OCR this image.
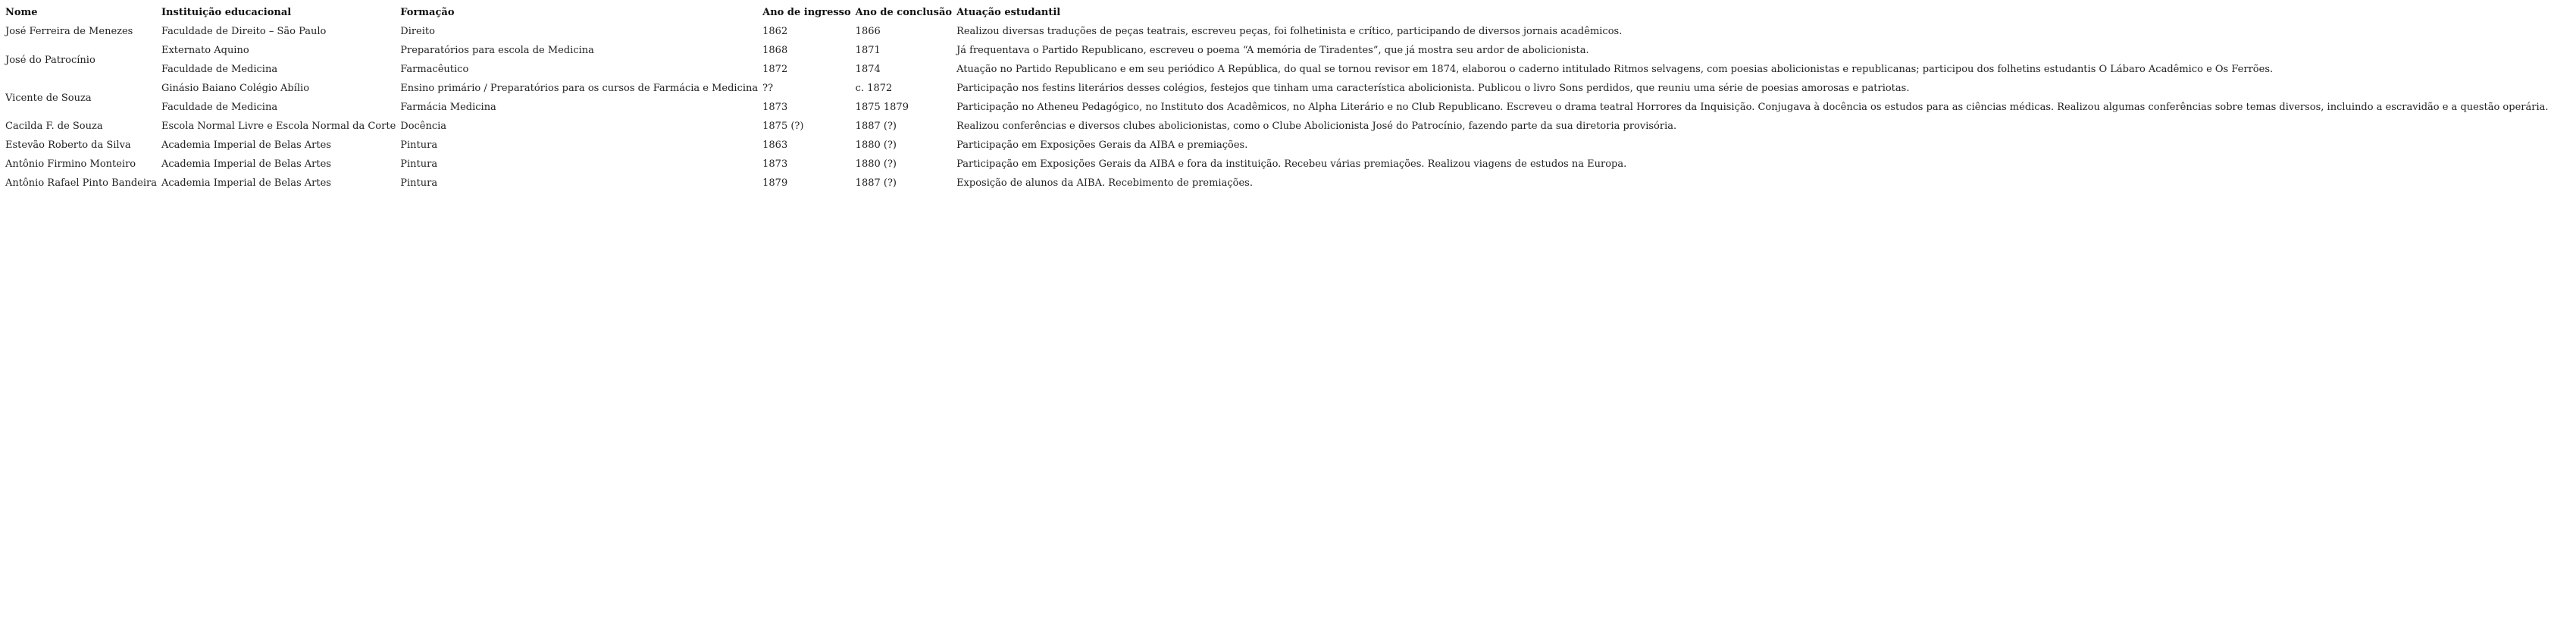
Nome	Instituição educacional	Formação	Ano de ingresso	Ano de conclusão	Atuação estudantil
José Ferreira de Menezes	Faculdade de Direito – São Paulo	Direito	1862	1866	Realizou diversas traduções de peças teatrais, escreveu peças, foi folhetinista e crítico, participando de diversos jornais acadêmicos.
José do Patrocínio	Externato Aquino	Preparatórios para escola de Medicina	1868	1871	Já frequentava o Partido Republicano, escreveu o poema “A memória de Tiradentes”, que já mostra seu ardor de abolicionista.
	Faculdade de Medicina	Farmacêutico	1872	1874	Atuação no Partido Republicano e em seu periódico A República, do qual se tornou revisor em 1874, elaborou o caderno intitulado Ritmos selvagens, com poesias abolicionistas e republicanas; participou dos folhetins estudantis O Lábaro Acadêmico e Os Ferrões.
Vicente de Souza	Ginásio Baiano Colégio Abílio	Ensino primário / Preparatórios para os cursos de Farmácia e Medicina	??	c. 1872	Participação nos festins literários desses colégios, festejos que tinham uma característica abolicionista. Publicou o livro Sons perdidos, que reuniu uma série de poesias amorosas e patriotas.
	Faculdade de Medicina	Farmácia Medicina	1873	1875 1879	Participação no Atheneu Pedagógico, no Instituto dos Acadêmicos, no Alpha Literário e no Club Republicano. Escreveu o drama teatral Horrores da Inquisição. Conjugava à docência os estudos para as ciências médicas. Realizou algumas conferências sobre temas diversos, incluindo a escravidão e a questão operária.
Cacilda F. de Souza	Escola Normal Livre e Escola Normal da Corte	Docência	1875 (?)	1887 (?)	Realizou conferências e diversos clubes abolicionistas, como o Clube Abolicionista José do Patrocínio, fazendo parte da sua diretoria provisória.
Estevão Roberto da Silva	Academia Imperial de Belas Artes	Pintura	1863	1880 (?)	Participação em Exposições Gerais da AIBA e premiações.
Antônio Firmino Monteiro	Academia Imperial de Belas Artes	Pintura	1873	1880 (?)	Participação em Exposições Gerais da AIBA e fora da instituição. Recebeu várias premiações. Realizou viagens de estudos na Europa.
Antônio Rafael Pinto Bandeira	Academia Imperial de Belas Artes	Pintura	1879	1887 (?)	Exposição de alunos da AIBA. Recebimento de premiações.
